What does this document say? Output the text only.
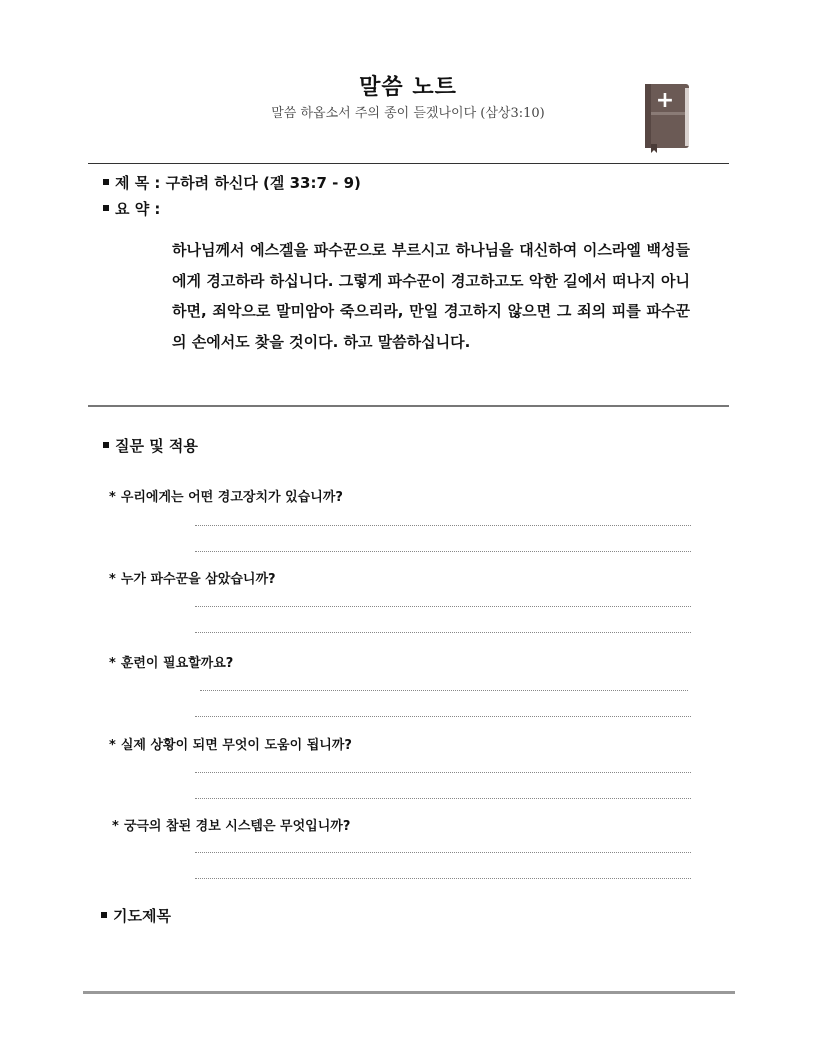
말씀 노트
말씀 하옵소서 주의 종이 듣겠나이다 (삼상3:10)
+
제 목 : 구하려 하신다 (겔 33:7 - 9)
요 약 :
하나님께서 에스겔을 파수꾼으로 부르시고 하나님을 대신하여 이스라엘 백성들에게 경고하라 하십니다. 그렇게 파수꾼이 경고하고도 악한 길에서 떠나지 아니하면, 죄악으로 말미암아 죽으리라, 만일 경고하지 않으면 그 죄의 피를 파수꾼의 손에서도 찾을 것이다. 하고 말씀하십니다.
질문 및 적용
* 우리에게는 어떤 경고장치가 있습니까?
* 누가 파수꾼을 삼았습니까?
* 훈련이 필요할까요?
* 실제 상황이 되면 무엇이 도움이 됩니까?
* 궁극의 참된 경보 시스템은 무엇입니까?
기도제목
